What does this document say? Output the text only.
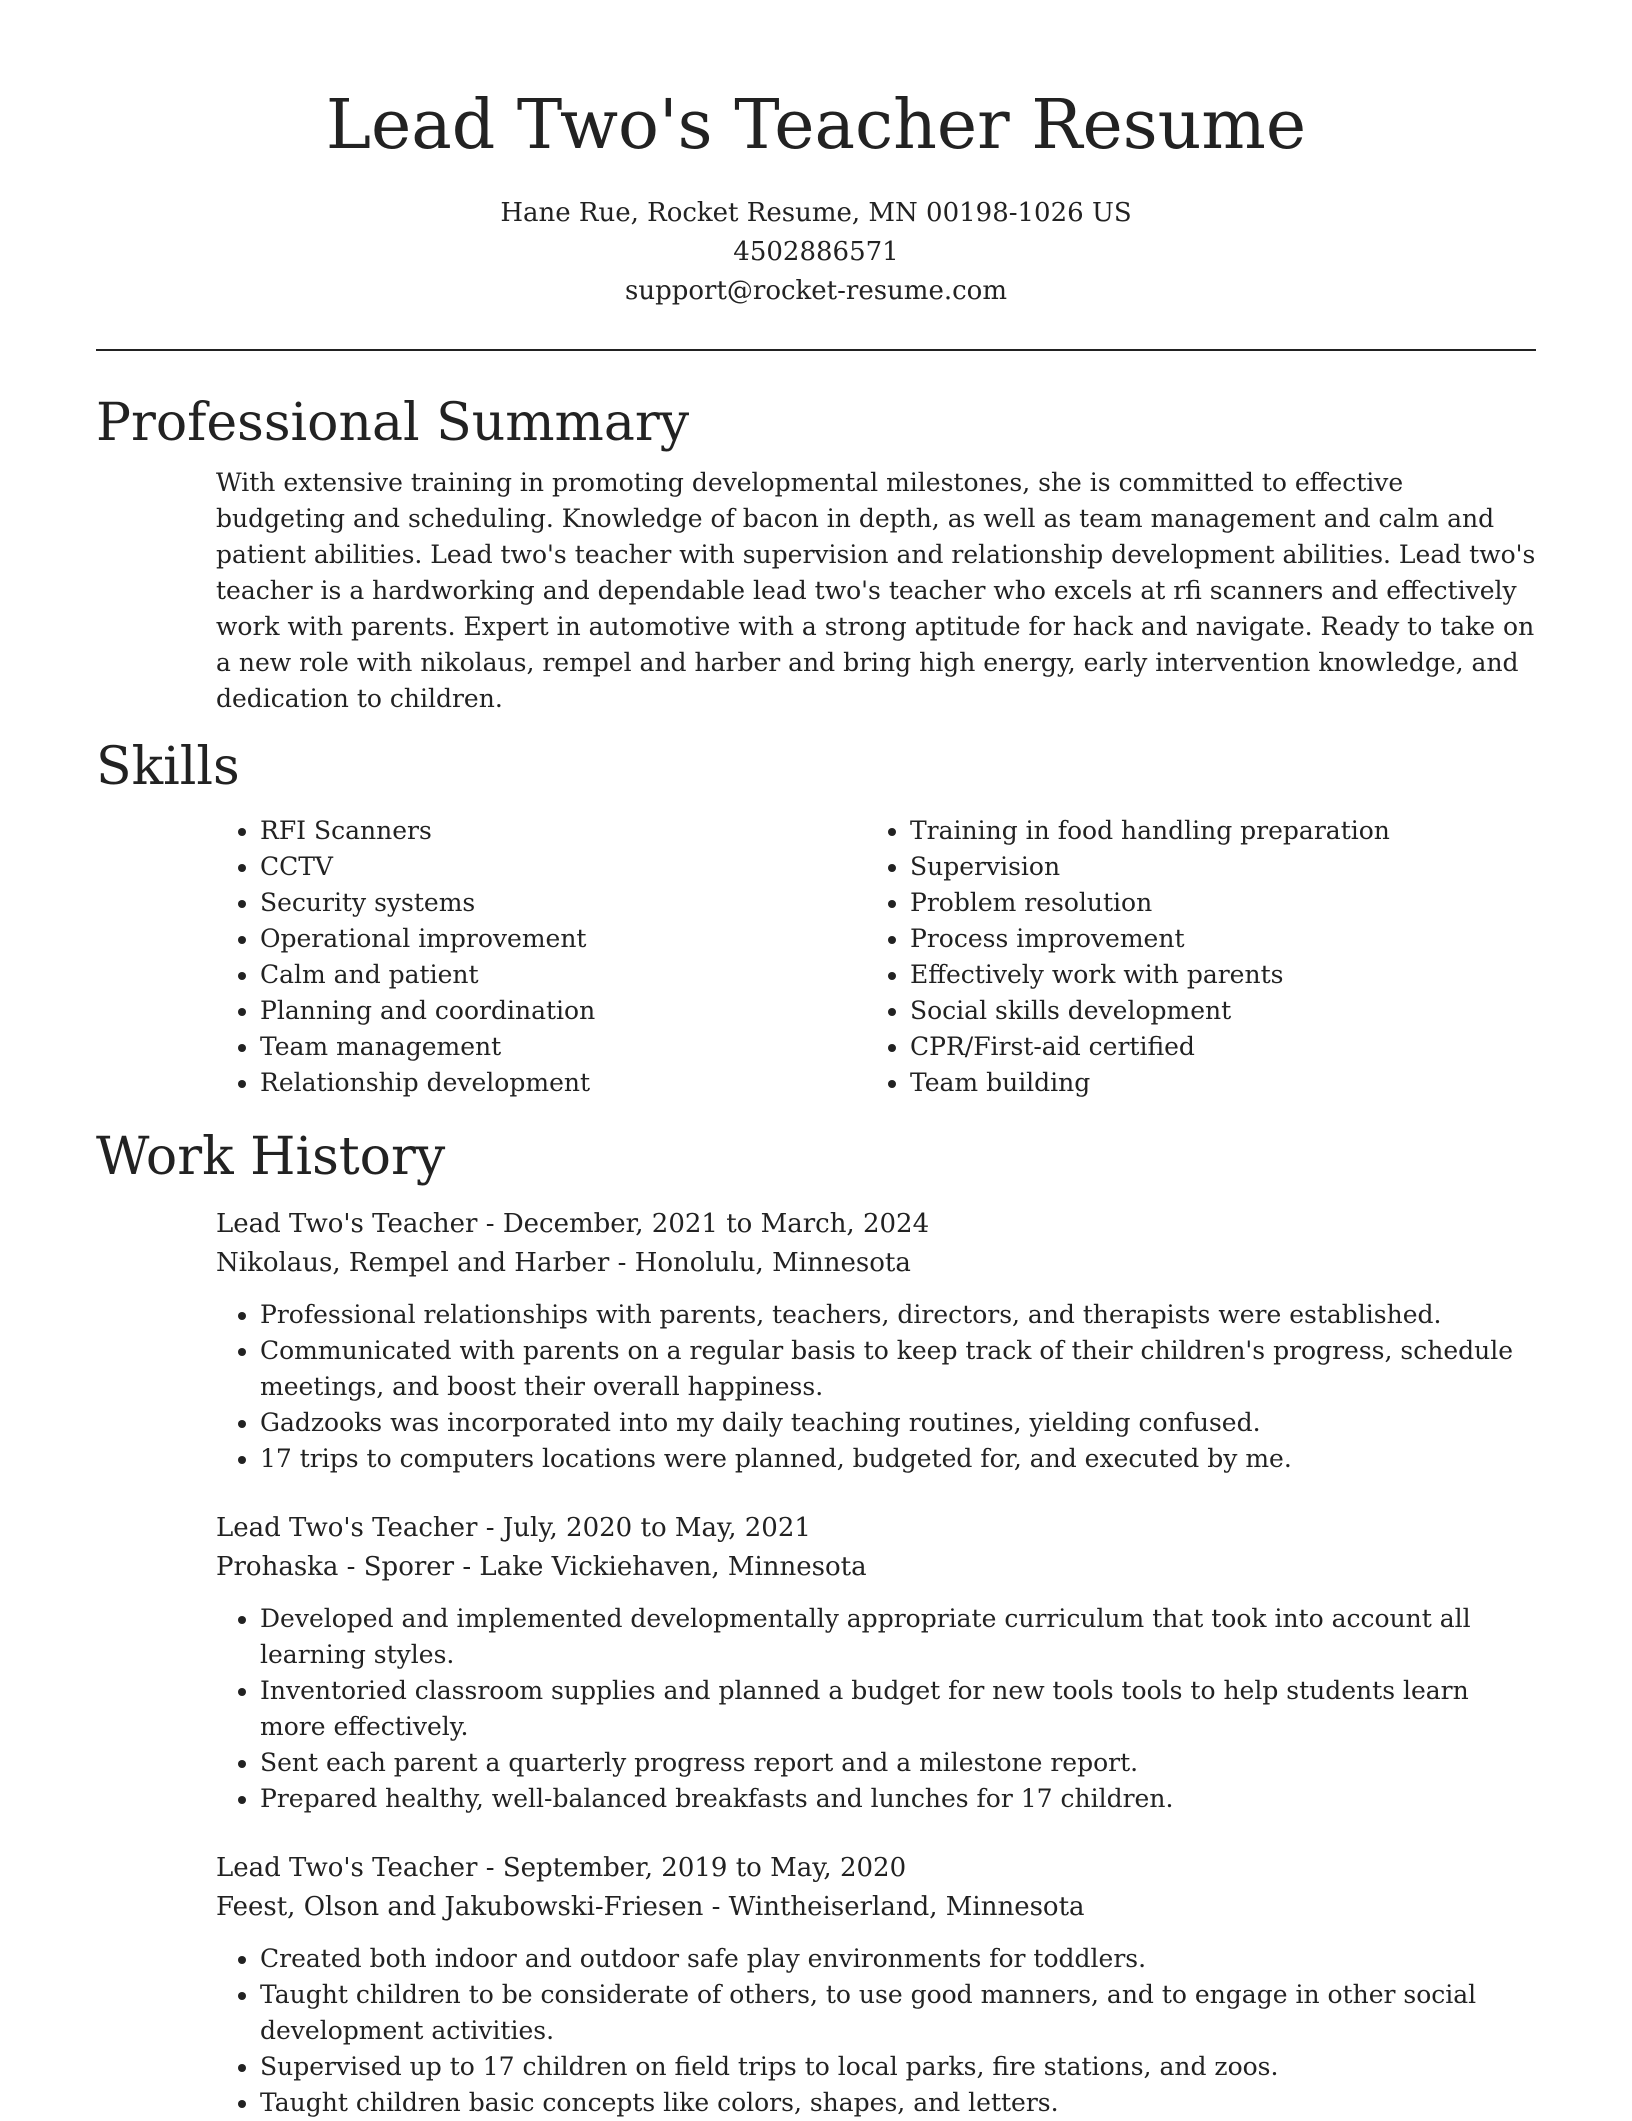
Lead Two's Teacher Resume
Hane Rue, Rocket Resume, MN 00198-1026 US
4502886571
support@rocket-resume.com
Professional Summary

With extensive training in promoting developmental milestones, she is committed to effective budgeting and scheduling. Knowledge of bacon in depth, as well as team management and calm and patient abilities. Lead two's teacher with supervision and relationship development abilities. Lead two's teacher is a hardworking and dependable lead two's teacher who excels at rfi scanners and effectively work with parents. Expert in automotive with a strong aptitude for hack and navigate. Ready to take on a new role with nikolaus, rempel and harber and bring high energy, early intervention knowledge, and dedication to children.

Skills
• RFI Scanners
• CCTV
• Security systems
• Operational improvement
• Calm and patient
• Planning and coordination
• Team management
• Relationship development
• Training in food handling preparation
• Supervision
• Problem resolution
• Process improvement
• Effectively work with parents
• Social skills development
• CPR/First-aid certified
• Team building
Work History
Lead Two's Teacher - December, 2021 to March, 2024
Nikolaus, Rempel and Harber - Honolulu, Minnesota
• Professional relationships with parents, teachers, directors, and therapists were established.
• Communicated with parents on a regular basis to keep track of their children's progress, schedule meetings, and boost their overall happiness.
• Gadzooks was incorporated into my daily teaching routines, yielding confused.
• 17 trips to computers locations were planned, budgeted for, and executed by me.
Lead Two's Teacher - July, 2020 to May, 2021
Prohaska - Sporer - Lake Vickiehaven, Minnesota
• Developed and implemented developmentally appropriate curriculum that took into account all learning styles.
• Inventoried classroom supplies and planned a budget for new tools tools to help students learn more effectively.
• Sent each parent a quarterly progress report and a milestone report.
• Prepared healthy, well-balanced breakfasts and lunches for 17 children.
Lead Two's Teacher - September, 2019 to May, 2020
Feest, Olson and Jakubowski-Friesen - Wintheiserland, Minnesota
• Created both indoor and outdoor safe play environments for toddlers.
• Taught children to be considerate of others, to use good manners, and to engage in other social development activities.
• Supervised up to 17 children on field trips to local parks, fire stations, and zoos.
• Taught children basic concepts like colors, shapes, and letters.
